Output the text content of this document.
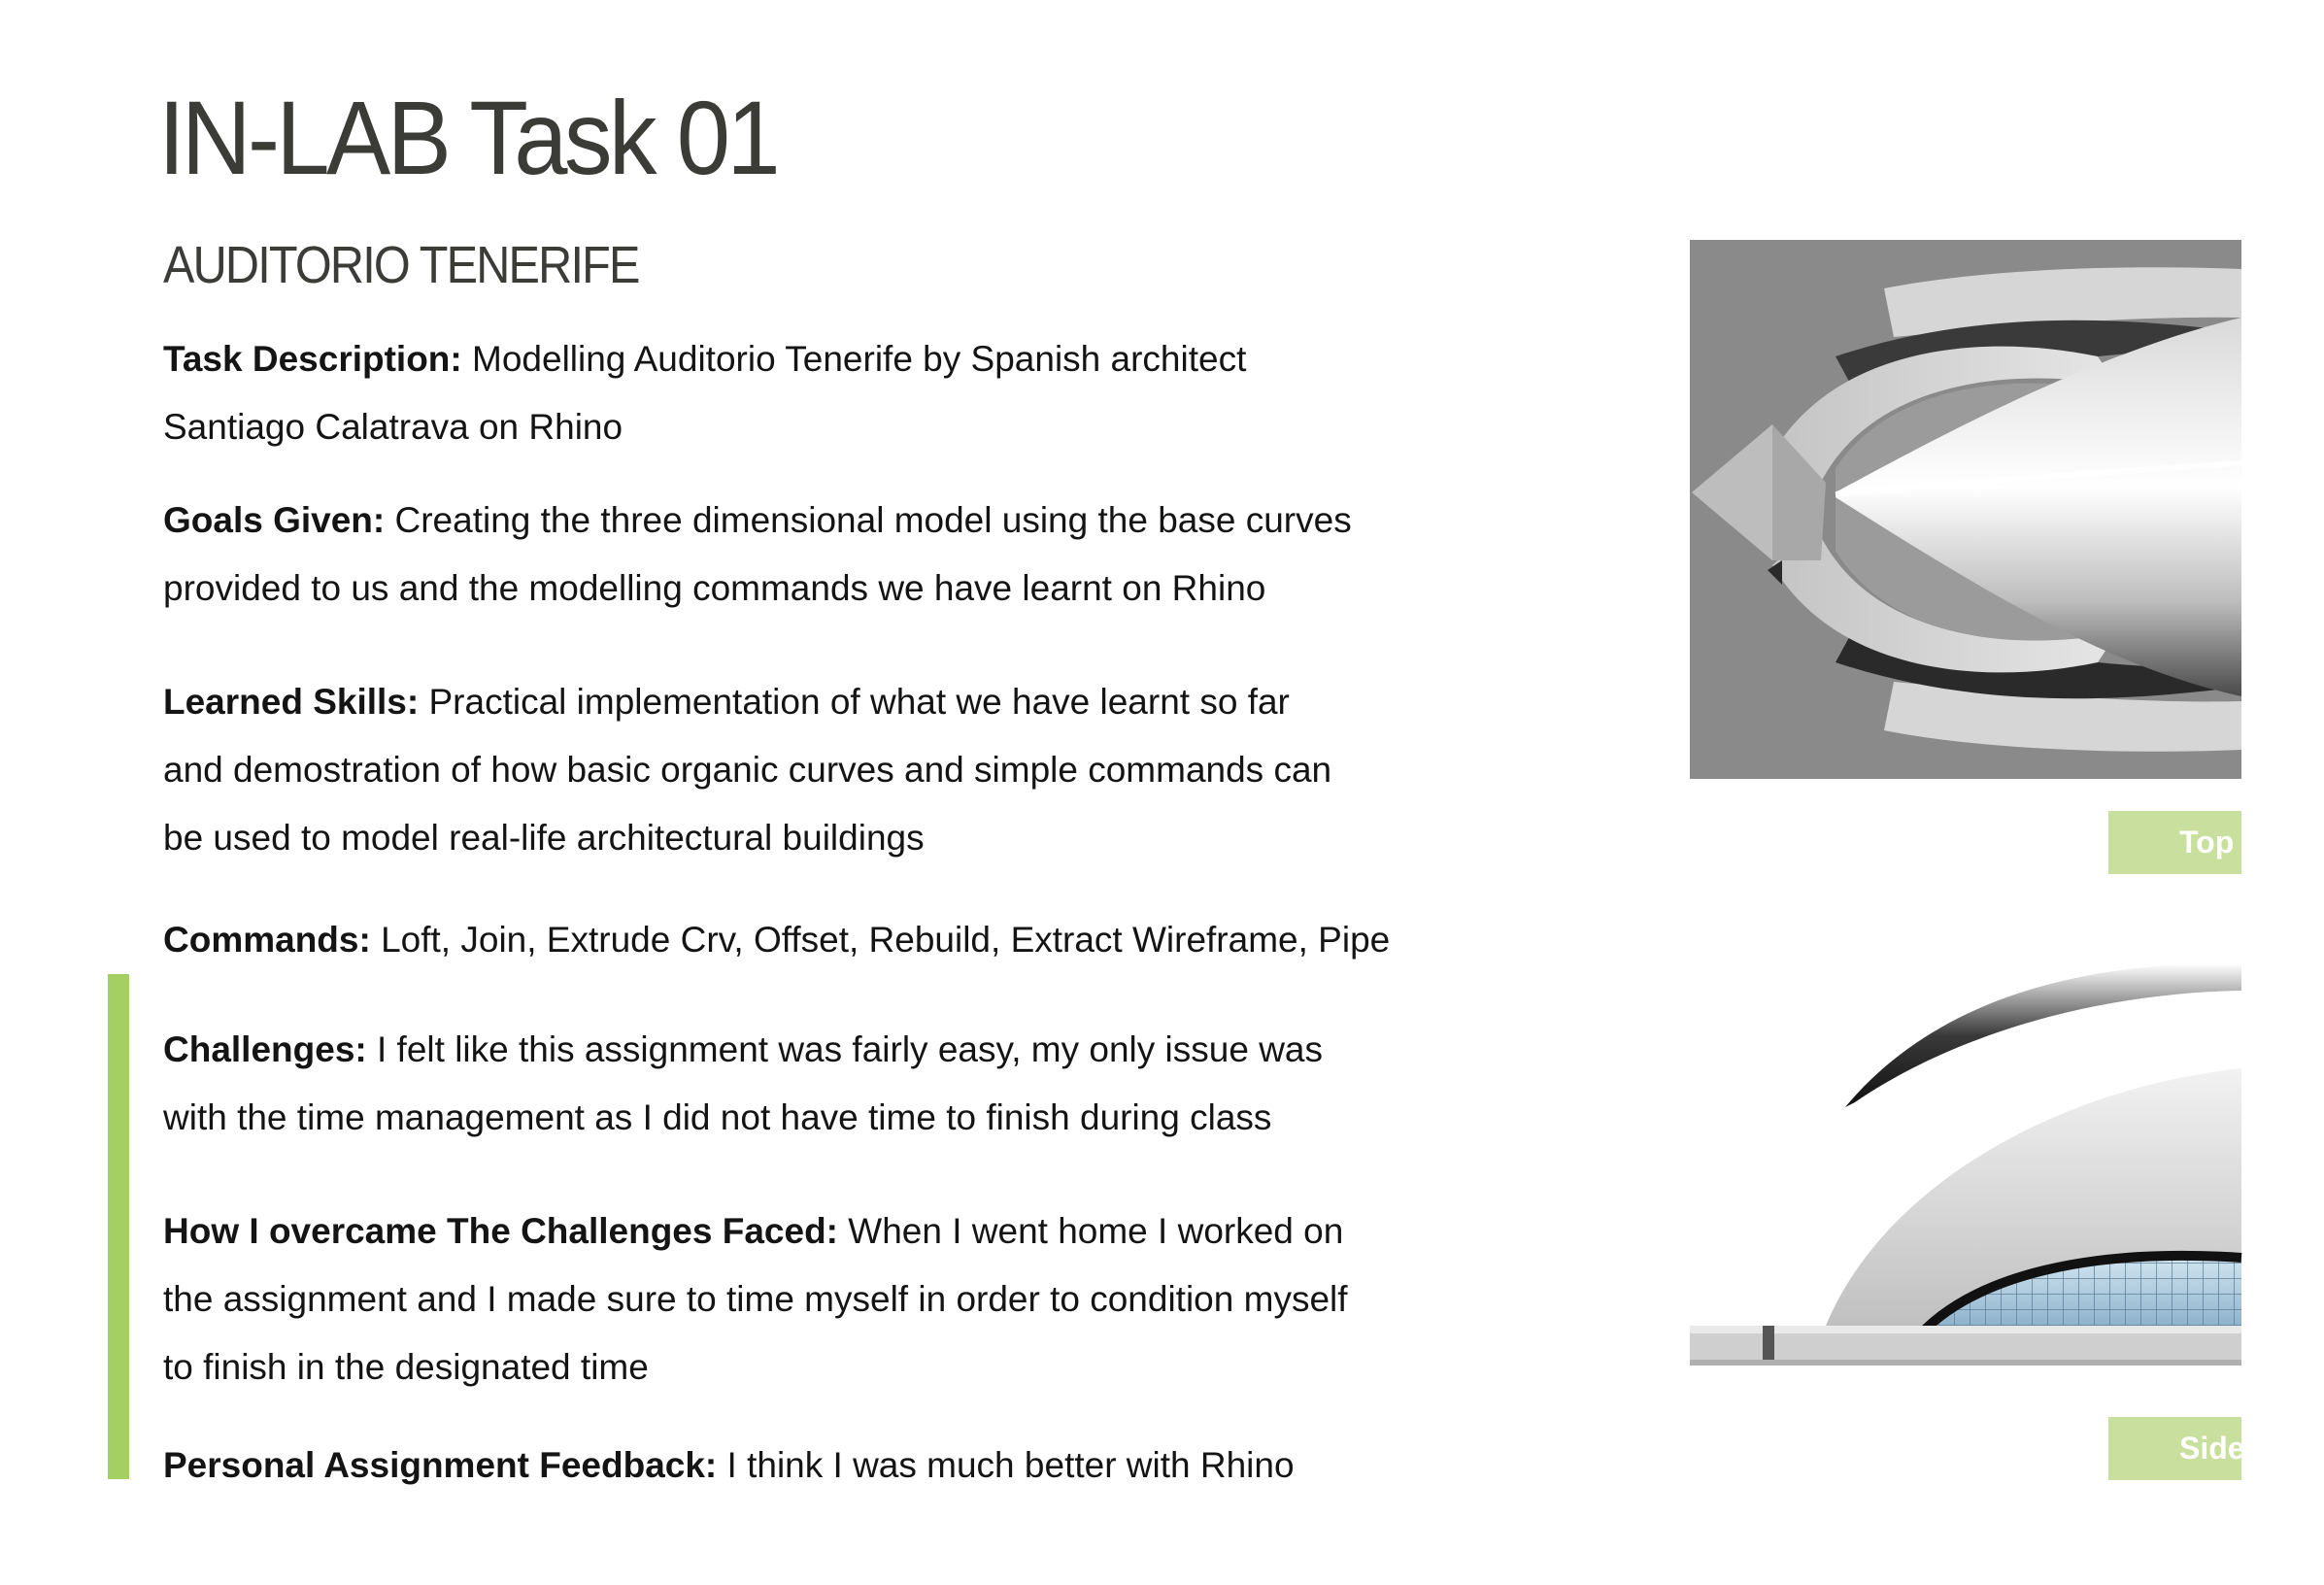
IN-LAB Task 01
AUDITORIO TENERIFE
Task Description: Modelling Auditorio Tenerife by Spanish architect
Santiago Calatrava on Rhino
Goals Given: Creating the three dimensional model using the base curves
provided to us and the modelling commands we have learnt on Rhino
Learned Skills: Practical implementation of what we have learnt so far
and demostration of how basic organic curves and simple commands can
be used to model real-life architectural buildings
Commands: Loft, Join, Extrude Crv, Offset, Rebuild, Extract Wireframe, Pipe
Challenges: I felt like this assignment was fairly easy, my only issue was
with the time management as I did not have time to finish during class
How I overcame The Challenges Faced: When I went home I worked on
the assignment and I made sure to time myself in order to condition myself
to finish in the designated time
Personal Assignment Feedback: I think I was much better with Rhino
Top View
Side View
